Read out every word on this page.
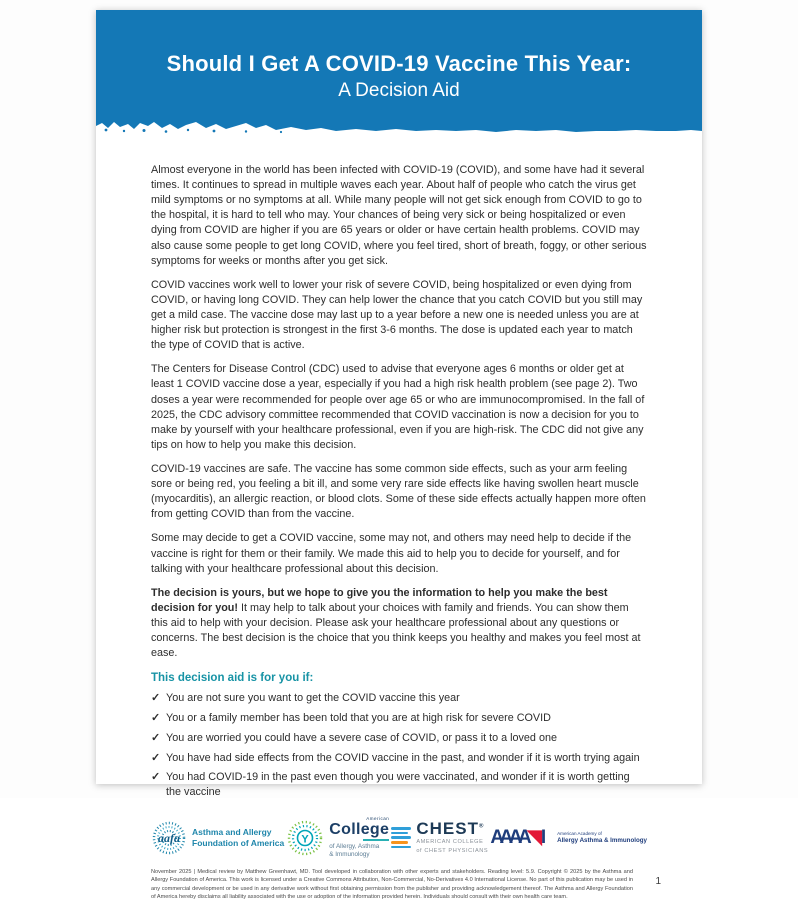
Should I Get A COVID-19 Vaccine This Year:
A Decision Aid

Almost everyone in the world has been infected with COVID-19 (COVID), and some have had it several times. It continues to spread in multiple waves each year. About half of people who catch the virus get mild symptoms or no symptoms at all. While many people will not get sick enough from COVID to go to the hospital, it is hard to tell who may. Your chances of being very sick or being hospitalized or even dying from COVID are higher if you are 65 years or older or have certain health problems. COVID may also cause some people to get long COVID, where you feel tired, short of breath, foggy, or other serious symptoms for weeks or months after you get sick.

COVID vaccines work well to lower your risk of severe COVID, being hospitalized or even dying from COVID, or having long COVID. They can help lower the chance that you catch COVID but you still may get a mild case. The vaccine dose may last up to a year before a new one is needed unless you are at higher risk but protection is strongest in the first 3-6 months. The dose is updated each year to match the type of COVID that is active.

The Centers for Disease Control (CDC) used to advise that everyone ages 6 months or older get at least 1 COVID vaccine dose a year, especially if you had a high risk health problem (see page 2). Two doses a year were recommended for people over age 65 or who are immunocompromised. In the fall of 2025, the CDC advisory committee recommended that COVID vaccination is now a decision for you to make by yourself with your healthcare professional, even if you are high-risk. The CDC did not give any tips on how to help you make this decision.

COVID-19 vaccines are safe. The vaccine has some common side effects, such as your arm feeling sore or being red, you feeling a bit ill, and some very rare side effects like having swollen heart muscle (myocarditis), an allergic reaction, or blood clots. Some of these side effects actually happen more often from getting COVID than from the vaccine.

Some may decide to get a COVID vaccine, some may not, and others may need help to decide if the vaccine is right for them or their family. We made this aid to help you to decide for yourself, and for talking with your healthcare professional about this decision.

The decision is yours, but we hope to give you the information to help you make the best decision for you! It may help to talk about your choices with family and friends. You can show them this aid to help with your decision. Please ask your healthcare professional about any questions or concerns. The best decision is the choice that you think keeps you healthy and makes you feel most at ease.

This decision aid is for you if:
✓ You are not sure you want to get the COVID vaccine this year
✓ You or a family member has been told that you are at high risk for severe COVID
✓ You are worried you could have a severe case of COVID, or pass it to a loved one
✓ You have had side effects from the COVID vaccine in the past, and wonder if it is worth trying again
✓ You had COVID-19 in the past even though you were vaccinated, and wonder if it is worth getting the vaccine
aafa Asthma and Allergy
Foundation of America Y
American
College
of Allergy, Asthma
& Immunology
CHEST®
AMERICAN COLLEGE
of CHEST PHYSICIANS
AAAA◥I American Academy of
Allergy Asthma & Immunology
November 2025 | Medical review by Matthew Greenhawt, MD. Tool developed in collaboration with other experts and stakeholders. Reading level: 5.9. Copyright © 2025 by the Asthma and Allergy Foundation of America. This work is licensed under a Creative Commons Attribution, Non-Commercial, No-Derivatives 4.0 International License. No part of this publication may be used in any commercial development or be used in any derivative work without first obtaining permission from the publisher and providing acknowledgement thereof. The Asthma and Allergy Foundation of America hereby disclaims all liability associated with the use or adoption of the information provided herein. Individuals should consult with their own health care team.
1
